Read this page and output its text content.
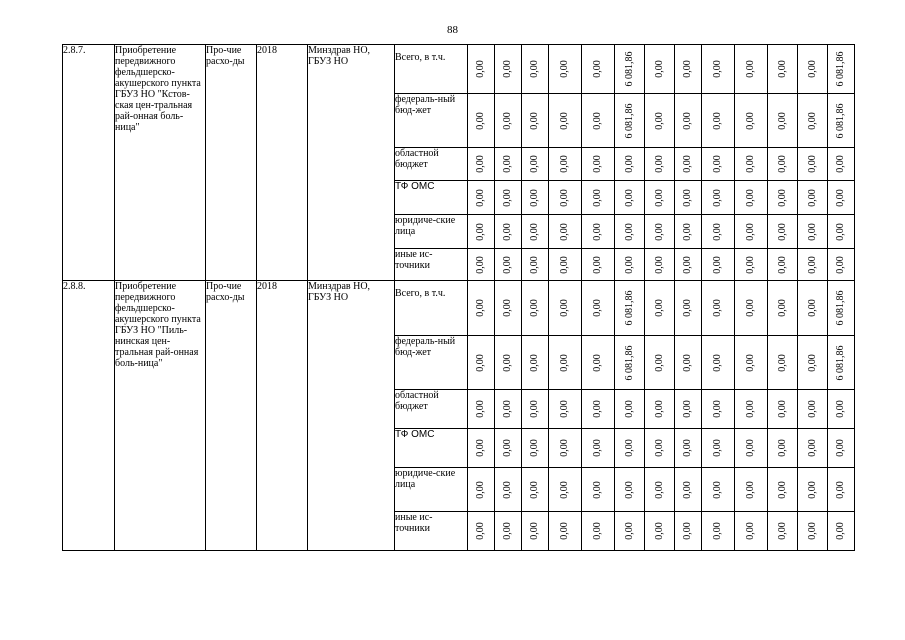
88
2.8.7.	Приобретение передвижного фельдшерско-акушерского пункта ГБУЗ НО "Кстов-ская цен-тральная рай-онная боль-ница"	Про-чие расхо-ды	2018	Минздрав НО, ГБУЗ НО	Всего, в т.ч.	0,00	0,00	0,00	0,00	0,00	6 081,86	0,00	0,00	0,00	0,00	0,00	0,00	6 081,86

					федераль-ный бюд-жет	0,00	0,00	0,00	0,00	0,00	6 081,86	0,00	0,00	0,00	0,00	0,00	0,00	6 081,86

					областной бюджет	0,00	0,00	0,00	0,00	0,00	0,00	0,00	0,00	0,00	0,00	0,00	0,00	0,00

					ТФ ОМС	0,00	0,00	0,00	0,00	0,00	0,00	0,00	0,00	0,00	0,00	0,00	0,00	0,00

					юридиче-ские лица	0,00	0,00	0,00	0,00	0,00	0,00	0,00	0,00	0,00	0,00	0,00	0,00	0,00

					иные ис-точники	0,00	0,00	0,00	0,00	0,00	0,00	0,00	0,00	0,00	0,00	0,00	0,00	0,00

2.8.8.	Приобретение передвижного фельдшерско-акушерского пункта ГБУЗ НО "Пиль-нинская цен-тральная рай-онная боль-ница"	Про-чие расхо-ды	2018	Минздрав НО, ГБУЗ НО	Всего, в т.ч.	0,00	0,00	0,00	0,00	0,00	6 081,86	0,00	0,00	0,00	0,00	0,00	0,00	6 081,86

					федераль-ный бюд-жет	0,00	0,00	0,00	0,00	0,00	6 081,86	0,00	0,00	0,00	0,00	0,00	0,00	6 081,86

					областной бюджет	0,00	0,00	0,00	0,00	0,00	0,00	0,00	0,00	0,00	0,00	0,00	0,00	0,00

					ТФ ОМС	0,00	0,00	0,00	0,00	0,00	0,00	0,00	0,00	0,00	0,00	0,00	0,00	0,00

					юридиче-ские лица	0,00	0,00	0,00	0,00	0,00	0,00	0,00	0,00	0,00	0,00	0,00	0,00	0,00

					иные ис-точники	0,00	0,00	0,00	0,00	0,00	0,00	0,00	0,00	0,00	0,00	0,00	0,00	0,00
